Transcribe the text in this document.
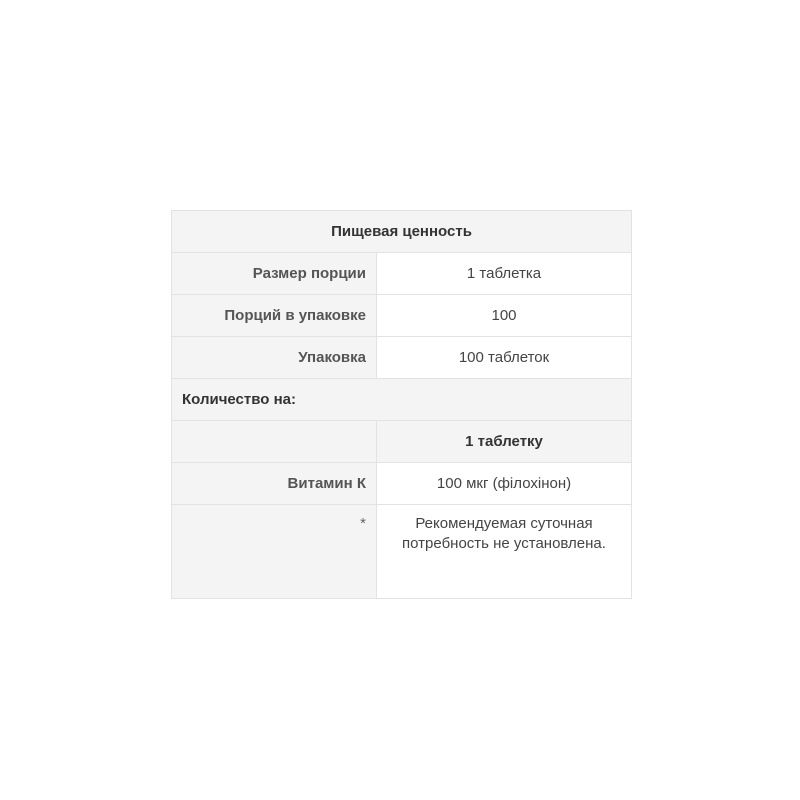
Пищевая ценность	
Размер порции	1 таблетка
Порций в упаковке	100
Упаковка	100 таблеток
Количество на:	
	1 таблетку
Витамин К	100 мкг (філохінон)
*	Рекомендуемая суточная потребность не установлена.
